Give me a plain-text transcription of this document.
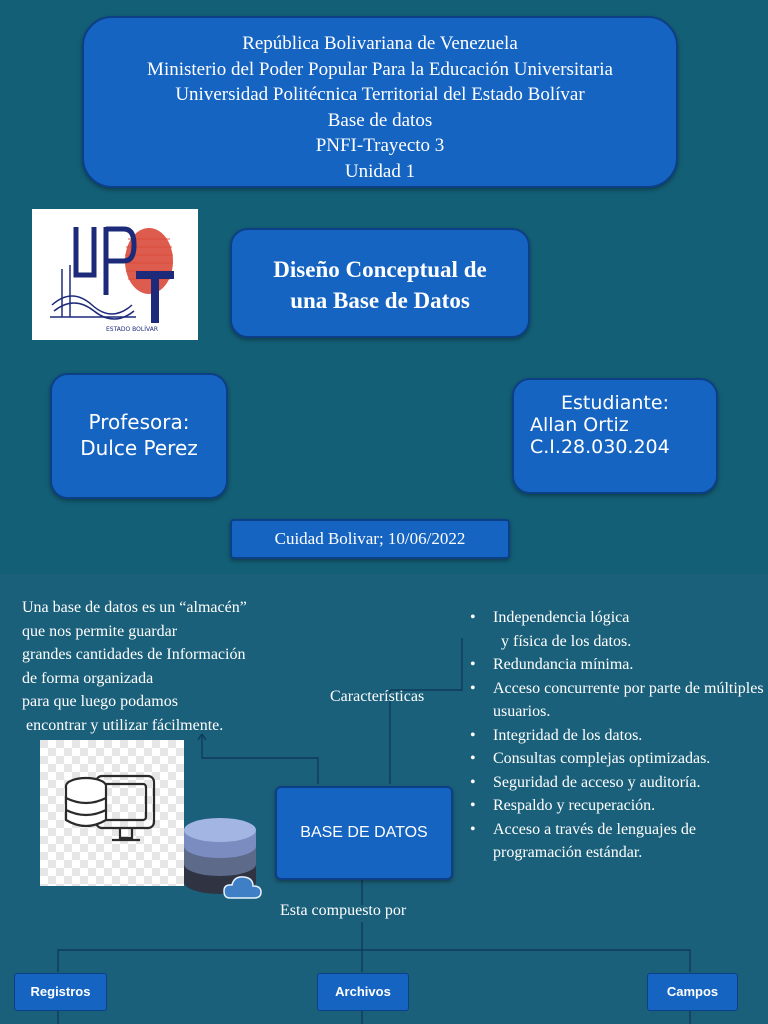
República Bolivariana de Venezuela
Ministerio del Poder Popular Para la Educación Universitaria
Universidad Politécnica Territorial del Estado Bolívar
Base de datos
PNFI-Trayecto 3
Unidad 1
ESTADO BOLÍVAR
Diseño Conceptual de
una Base de Datos
Profesora:
Dulce Perez
Estudiante:
Allan Ortiz
C.I.28.030.204
Cuidad Bolivar; 10/06/2022
Una base de datos es un “almacén”
que nos permite guardar
grandes cantidades de Información
de forma organizada
para que luego podamos
encontrar y utilizar fácilmente.
Características
• Independencia lógica
y física de los datos.
• Redundancia mínima.
• Acceso concurrente por parte de múltiples usuarios.
• Integridad de los datos.
• Consultas complejas optimizadas.
• Seguridad de acceso y auditoría.
• Respaldo y recuperación.
• Acceso a través de lenguajes de programación estándar.
BASE DE DATOS
Esta compuesto por
Registros	Archivos	Campos
